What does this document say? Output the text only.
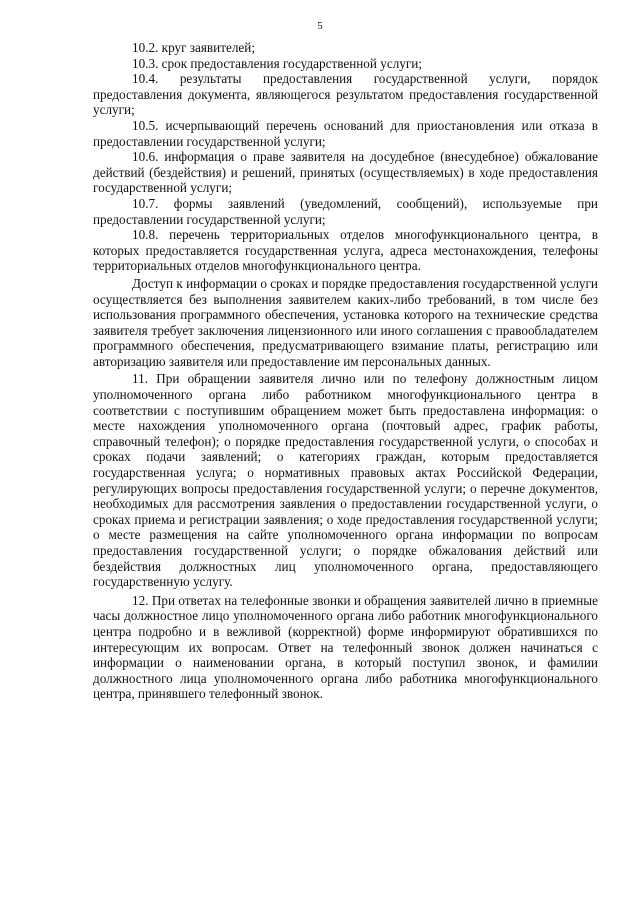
5

10.2. круг заявителей;

10.3. срок предоставления государственной услуги;

10.4. результаты предоставления государственной услуги, порядок предоставления документа, являющегося результатом предоставления государственной услуги;

10.5. исчерпывающий перечень оснований для приостановления или отказа в предоставлении государственной услуги;

10.6. информация о праве заявителя на досудебное (внесудебное) обжалование действий (бездействия) и решений, принятых (осуществляемых) в ходе предоставления государственной услуги;

10.7. формы заявлений (уведомлений, сообщений), используемые при предоставлении государственной услуги;

10.8. перечень территориальных отделов многофункционального центра, в которых предоставляется государственная услуга, адреса местонахождения, телефоны территориальных отделов многофункционального центра.

Доступ к информации о сроках и порядке предоставления государственной услуги осуществляется без выполнения заявителем каких-либо требований, в том числе без использования программного обеспечения, установка которого на технические средства заявителя требует заключения лицензионного или иного соглашения с правообладателем программного обеспечения, предусматривающего взимание платы, регистрацию или авторизацию заявителя или предоставление им персональных данных.

11. При обращении заявителя лично или по телефону должностным лицом уполномоченного органа либо работником многофункционального центра в соответствии с поступившим обращением может быть предоставлена информация: о месте нахождения уполномоченного органа (почтовый адрес, график работы, справочный телефон); о порядке предоставления государственной услуги, о способах и сроках подачи заявлений; о категориях граждан, которым предоставляется государственная услуга; о нормативных правовых актах Российской Федерации, регулирующих вопросы предоставления государственной услуги; о перечне документов, необходимых для рассмотрения заявления о предоставлении государственной услуги, о сроках приема и регистрации заявления; о ходе предоставления государственной услуги; о месте размещения на сайте уполномоченного органа информации по вопросам предоставления государственной услуги; о порядке обжалования действий или бездействия должностных лиц уполномоченного органа, предоставляющего государственную услугу.

12. При ответах на телефонные звонки и обращения заявителей лично в приемные часы должностное лицо уполномоченного органа либо работник многофункционального центра подробно и в вежливой (корректной) форме информируют обратившихся по интересующим их вопросам. Ответ на телефонный звонок должен начинаться с информации о наименовании органа, в который поступил звонок, и фамилии должностного лица уполномоченного органа либо работника многофункционального центра, принявшего телефонный звонок.
